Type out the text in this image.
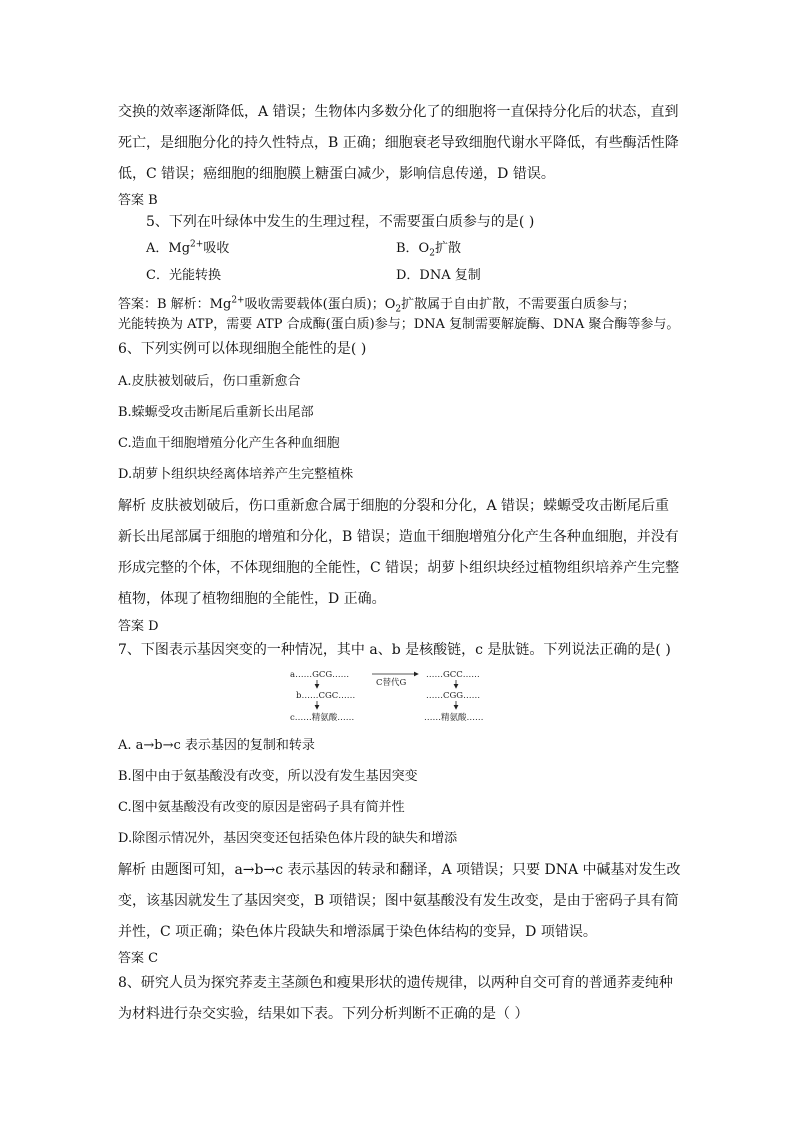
交换的效率逐渐降低，A 错误；生物体内多数分化了的细胞将一直保持分化后的状态，直到
死亡，是细胞分化的持久性特点，B 正确；细胞衰老导致细胞代谢水平降低，有些酶活性降
低，C 错误；癌细胞的细胞膜上糖蛋白减少，影响信息传递，D 错误。
答案 B
5、下列在叶绿体中发生的生理过程，不需要蛋白质参与的是( )
A．$Mg^{2+}$吸收	B．$O_2$扩散
C．光能转换	D．DNA 复制
答案：B 解析：$Mg^{2+}$吸收需要载体(蛋白质)；$O_2$扩散属于自由扩散，不需要蛋白质参与；
光能转换为 ATP，需要 ATP 合成酶(蛋白质)参与；DNA 复制需要解旋酶、DNA 聚合酶等参与。
6、下列实例可以体现细胞全能性的是( )
A.皮肤被划破后，伤口重新愈合
B.蝾螈受攻击断尾后重新长出尾部
C.造血干细胞增殖分化产生各种血细胞
D.胡萝卜组织块经离体培养产生完整植株
解析 皮肤被划破后，伤口重新愈合属于细胞的分裂和分化，A 错误；蝾螈受攻击断尾后重
新长出尾部属于细胞的增殖和分化，B 错误；造血干细胞增殖分化产生各种血细胞，并没有
形成完整的个体，不体现细胞的全能性，C 错误；胡萝卜组织块经过植物组织培养产生完整
植物，体现了植物细胞的全能性，D 正确。
答案 D
7、下图表示基因突变的一种情况，其中 a、b 是核酸链，c 是肽链。下列说法正确的是( )
a……GCG……
b……CGC……
c……精氨酸……
C替代G
……GCC……
……CGG……
……精氨酸……
A. a→b→c 表示基因的复制和转录
B.图中由于氨基酸没有改变，所以没有发生基因突变
C.图中氨基酸没有改变的原因是密码子具有简并性
D.除图示情况外，基因突变还包括染色体片段的缺失和增添
解析 由题图可知，a→b→c 表示基因的转录和翻译，A 项错误；只要 DNA 中碱基对发生改
变，该基因就发生了基因突变，B 项错误；图中氨基酸没有发生改变，是由于密码子具有简
并性，C 项正确；染色体片段缺失和增添属于染色体结构的变异，D 项错误。
答案 C
8、研究人员为探究荞麦主茎颜色和瘦果形状的遗传规律，以两种自交可育的普通荞麦纯种
为材料进行杂交实验，结果如下表。下列分析判断不正确的是（ ）
